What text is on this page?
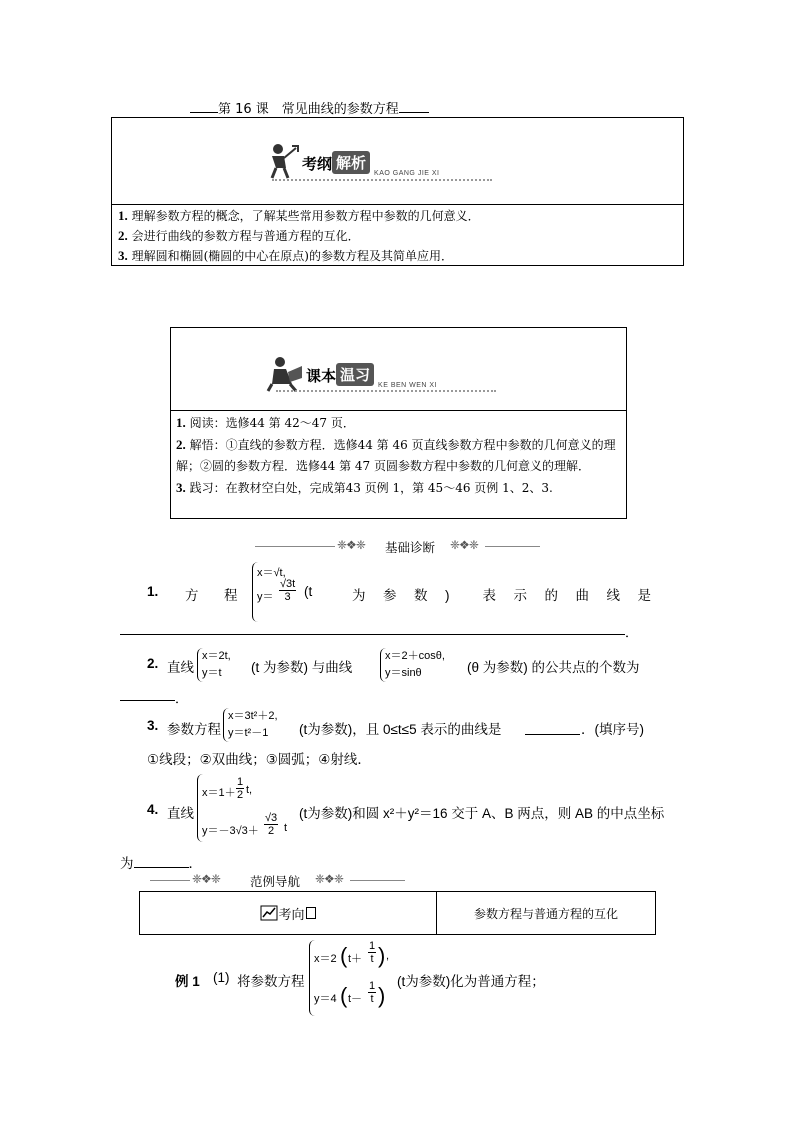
第 16 课　常见曲线的参数方程
考纲 解析
KAO GANG JIE XI
1. 理解参数方程的概念，了解某些常用参数方程中参数的几何意义．
2. 会进行曲线的参数方程与普通方程的互化．
3. 理解圆和椭圆(椭圆的中心在原点)的参数方程及其简单应用．
课本 温习
KE BEN WEN XI
1. 阅读：选修44 第 42～47 页．
2. 解悟：①直线的参数方程．选修44 第 46 页直线参数方程中参数的几何意义的理解；②圆的参数方程．选修44 第 47 页圆参数方程中参数的几何意义的理解．
3. 践习：在教材空白处，完成第43 页例 1，第 45～46 页例 1、2、3.
❈❖❈ 基础诊断 ❈❖❈
1. 方　程
x＝√t,
$y= \frac{√3t}{3} (t$	为　参　数　)　　表　示　的　曲　线　是
．
2. 直线
x＝2t,
y＝t (t 为参数) 与曲线
x＝2＋cosθ,
y＝sinθ	(θ 为参数) 的公共点的个数为
．
3. 参数方程
x＝3t²＋2,
y＝t²－1 (t为参数)，且 0≤t≤5 表示的曲线是	．(填序号)
①线段；②双曲线；③圆弧；④射线．
4. 直线
$x=1+ \frac{1}{2} t$,
$y=-3√3+ \frac{√3}{2}$ t
(t为参数)和圆 x²＋y²＝16 交于 A、B 两点，则 AB 的中点坐标
为	．
❈❖❈ 范例导航 ❈❖❈
考向	参数方程与普通方程的互化
例 1 (1) 将参数方程
x＝2 ( $t+ \frac{1}{t}$ ) ,
y＝4 ( $t- \frac{1}{t}$ )
(t为参数)化为普通方程；
